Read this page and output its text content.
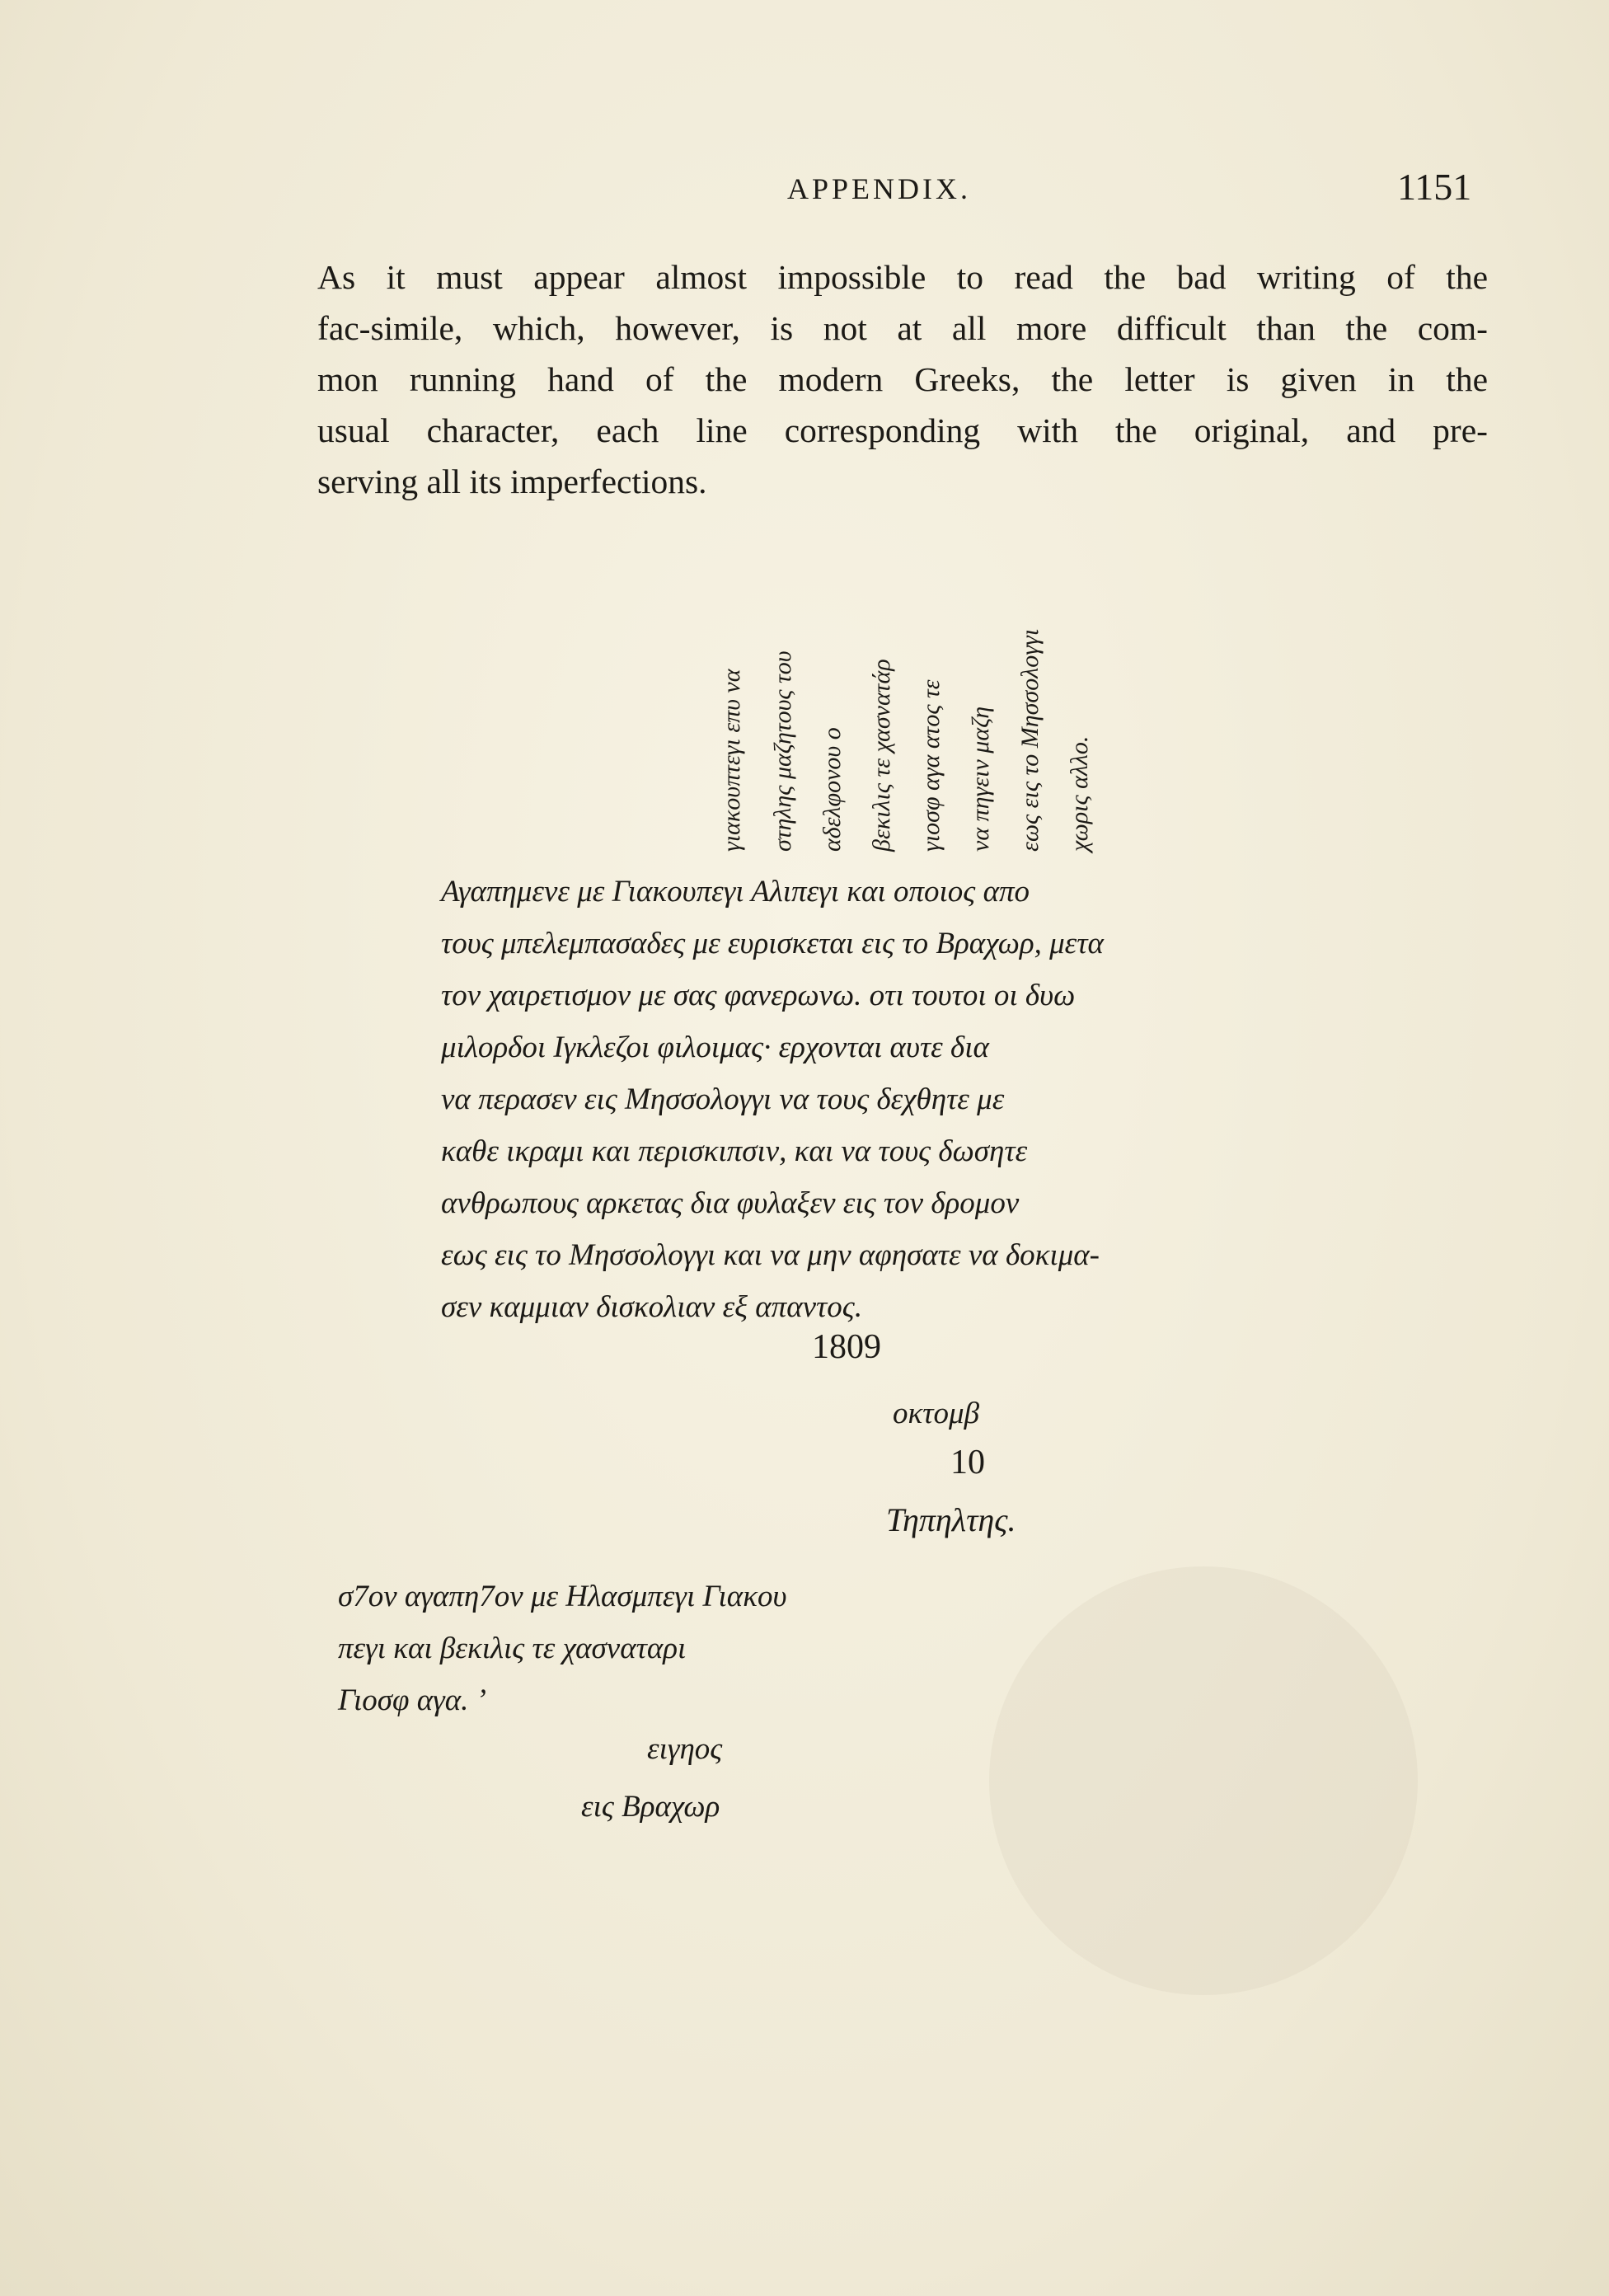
APPENDIX.	1151
As it must appear almost impossible to read the bad writing of the
fac-simile, which, however, is not at all more difficult than the com-
mon running hand of the modern Greeks, the letter is given in the
usual character, each line corresponding with the original, and pre-
serving all its imperfections.
γιακουπτεγι επυ να στηλης μαζητους του αδελφονου ο βεκιλις τε χασνατάρ γιοσφ αγα ατος τε να πηγειν μαζη εως εις το Μησσολογγι χωρις αλλο.
Αγαπημενε με Γιακουπεγι Αλιπεγι και οποιος απο
τους μπελεμπασαδες με ευρισκεται εις το Βραχωρ, μετα
τον χαιρετισμον με σας φανερωνω. οτι τουτοι οι δυω
μιλορδοι Ιγκλεζοι φιλοιμας· ερχονται αυτε δια
να περασεν εις Μησσολογγι να τους δεχθητε με
καθε ικραμι και περισκιπσιν, και να τους δωσητε
ανθρωπους αρκετας δια φυλαξεν εις τον δρομον
εως εις το Μησσολογγι και να μην αφησατε να δοκιμα-
σεν καμμιαν δισκολιαν εξ απαντος.
1809
οκτομβ
10
Τηπηλτης.
σ7ον αγαπη7ον με Ηλασμπεγι Γιακου
πεγι και βεκιλις τε χασναταρι
Γιοσφ αγα. ’
ειγηος
εις Βραχωρ
